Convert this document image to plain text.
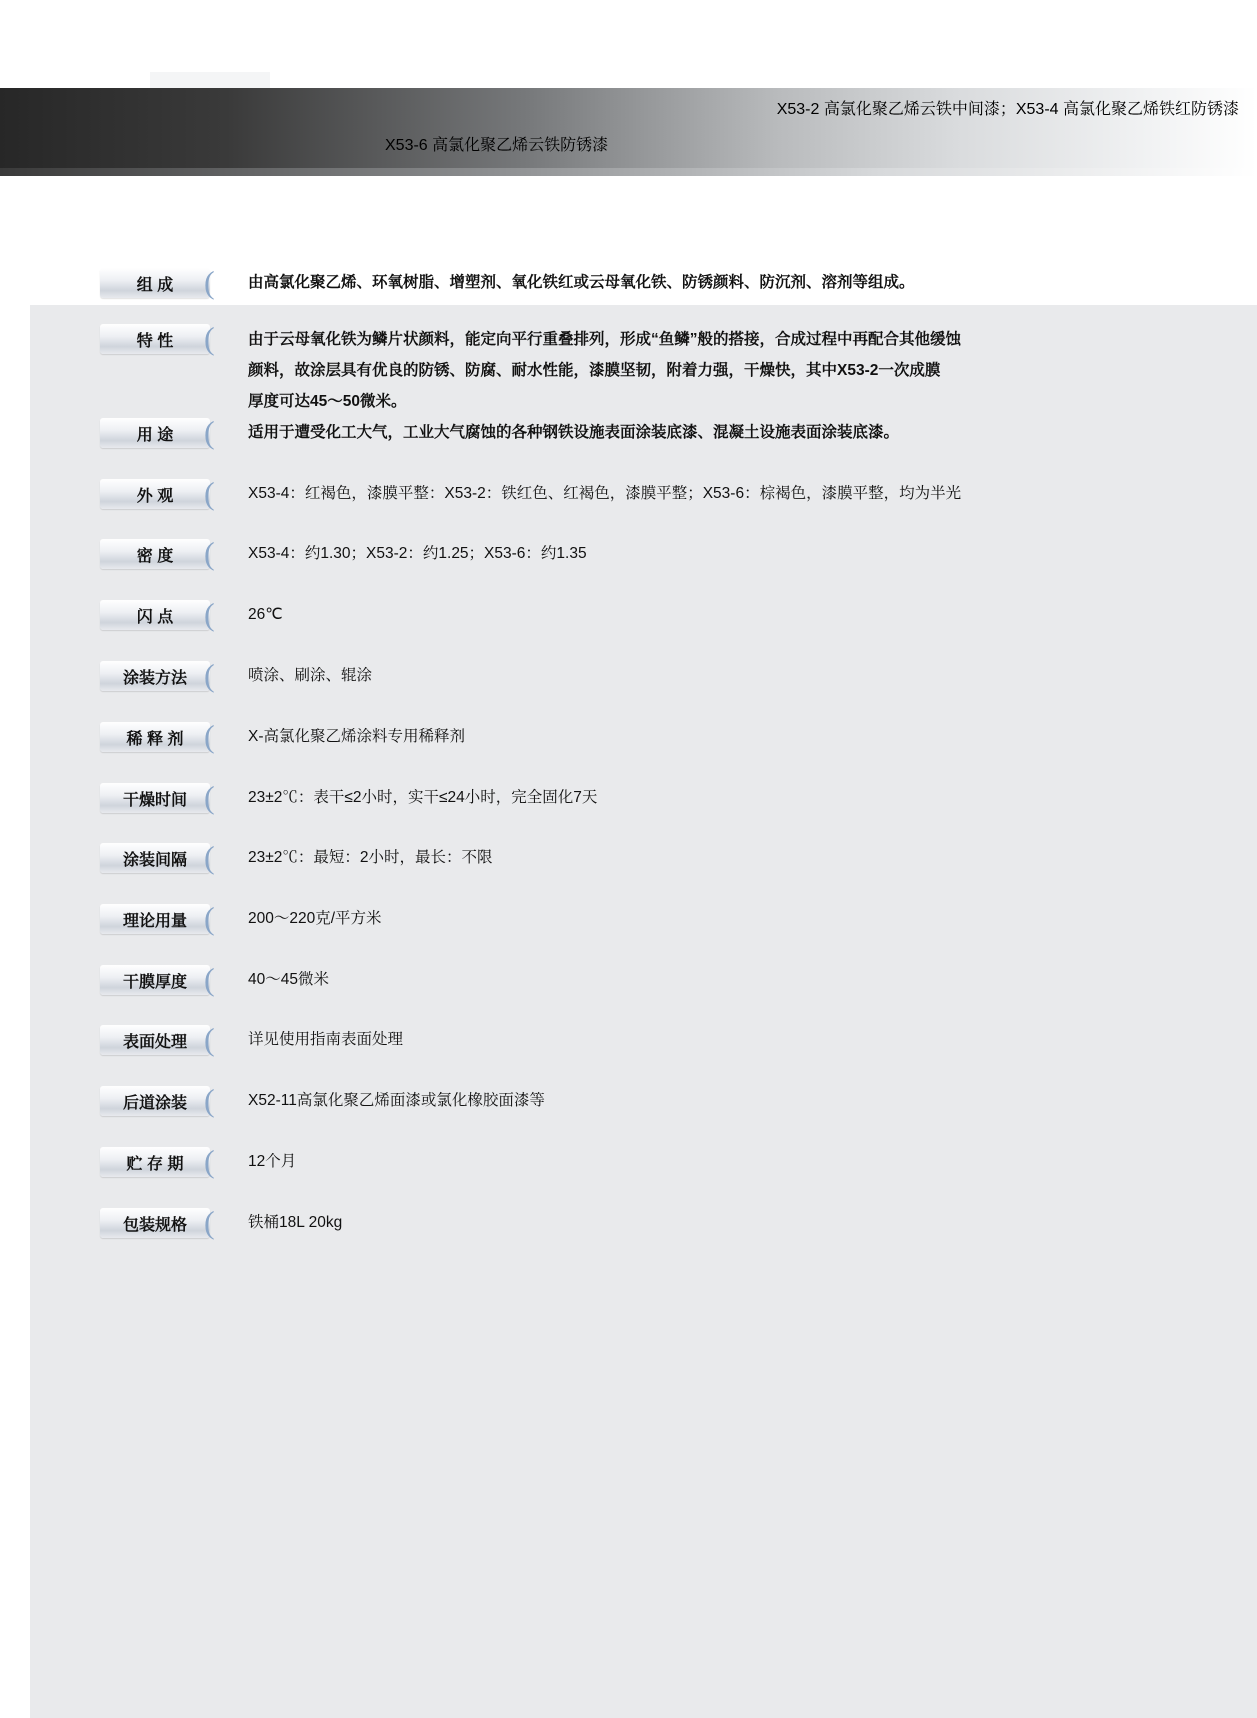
X53-2 高氯化聚乙烯云铁中间漆；X53-4 高氯化聚乙烯铁红防锈漆
X53-6 高氯化聚乙烯云铁防锈漆
组 成 (	由高氯化聚乙烯、环氧树脂、增塑剂、氧化铁红或云母氧化铁、防锈颜料、防沉剂、溶剂等组成。
特 性 ( 由于云母氧化铁为鳞片状颜料，能定向平行重叠排列，形成“鱼鳞”般的搭接，合成过程中再配合其他缓蚀

颜料，故涂层具有优良的防锈、防腐、耐水性能，漆膜坚韧，附着力强，干燥快，其中X53-2一次成膜

厚度可达45～50微米。

用 途 (	适用于遭受化工大气，工业大气腐蚀的各种钢铁设施表面涂装底漆、混凝土设施表面涂装底漆。
外 观 (	X53-4：红褐色，漆膜平整：X53-2：铁红色、红褐色，漆膜平整；X53-6：棕褐色，漆膜平整，均为半光
密 度 (	X53-4：约1.30；X53-2：约1.25；X53-6：约1.35
闪 点 (	26℃
涂装方法 (	喷涂、刷涂、辊涂
稀 释 剂 (	X-高氯化聚乙烯涂料专用稀释剂
干燥时间 (	23±2℃：表干≤2小时，实干≤24小时，完全固化7天
涂装间隔 (	23±2℃：最短：2小时，最长：不限
理论用量 (	200～220克/平方米
干膜厚度 (	40～45微米
表面处理 (	详见使用指南表面处理
后道涂装 (	X52-11高氯化聚乙烯面漆或氯化橡胶面漆等
贮 存 期 (	12个月
包装规格 (	铁桶18L 20kg
